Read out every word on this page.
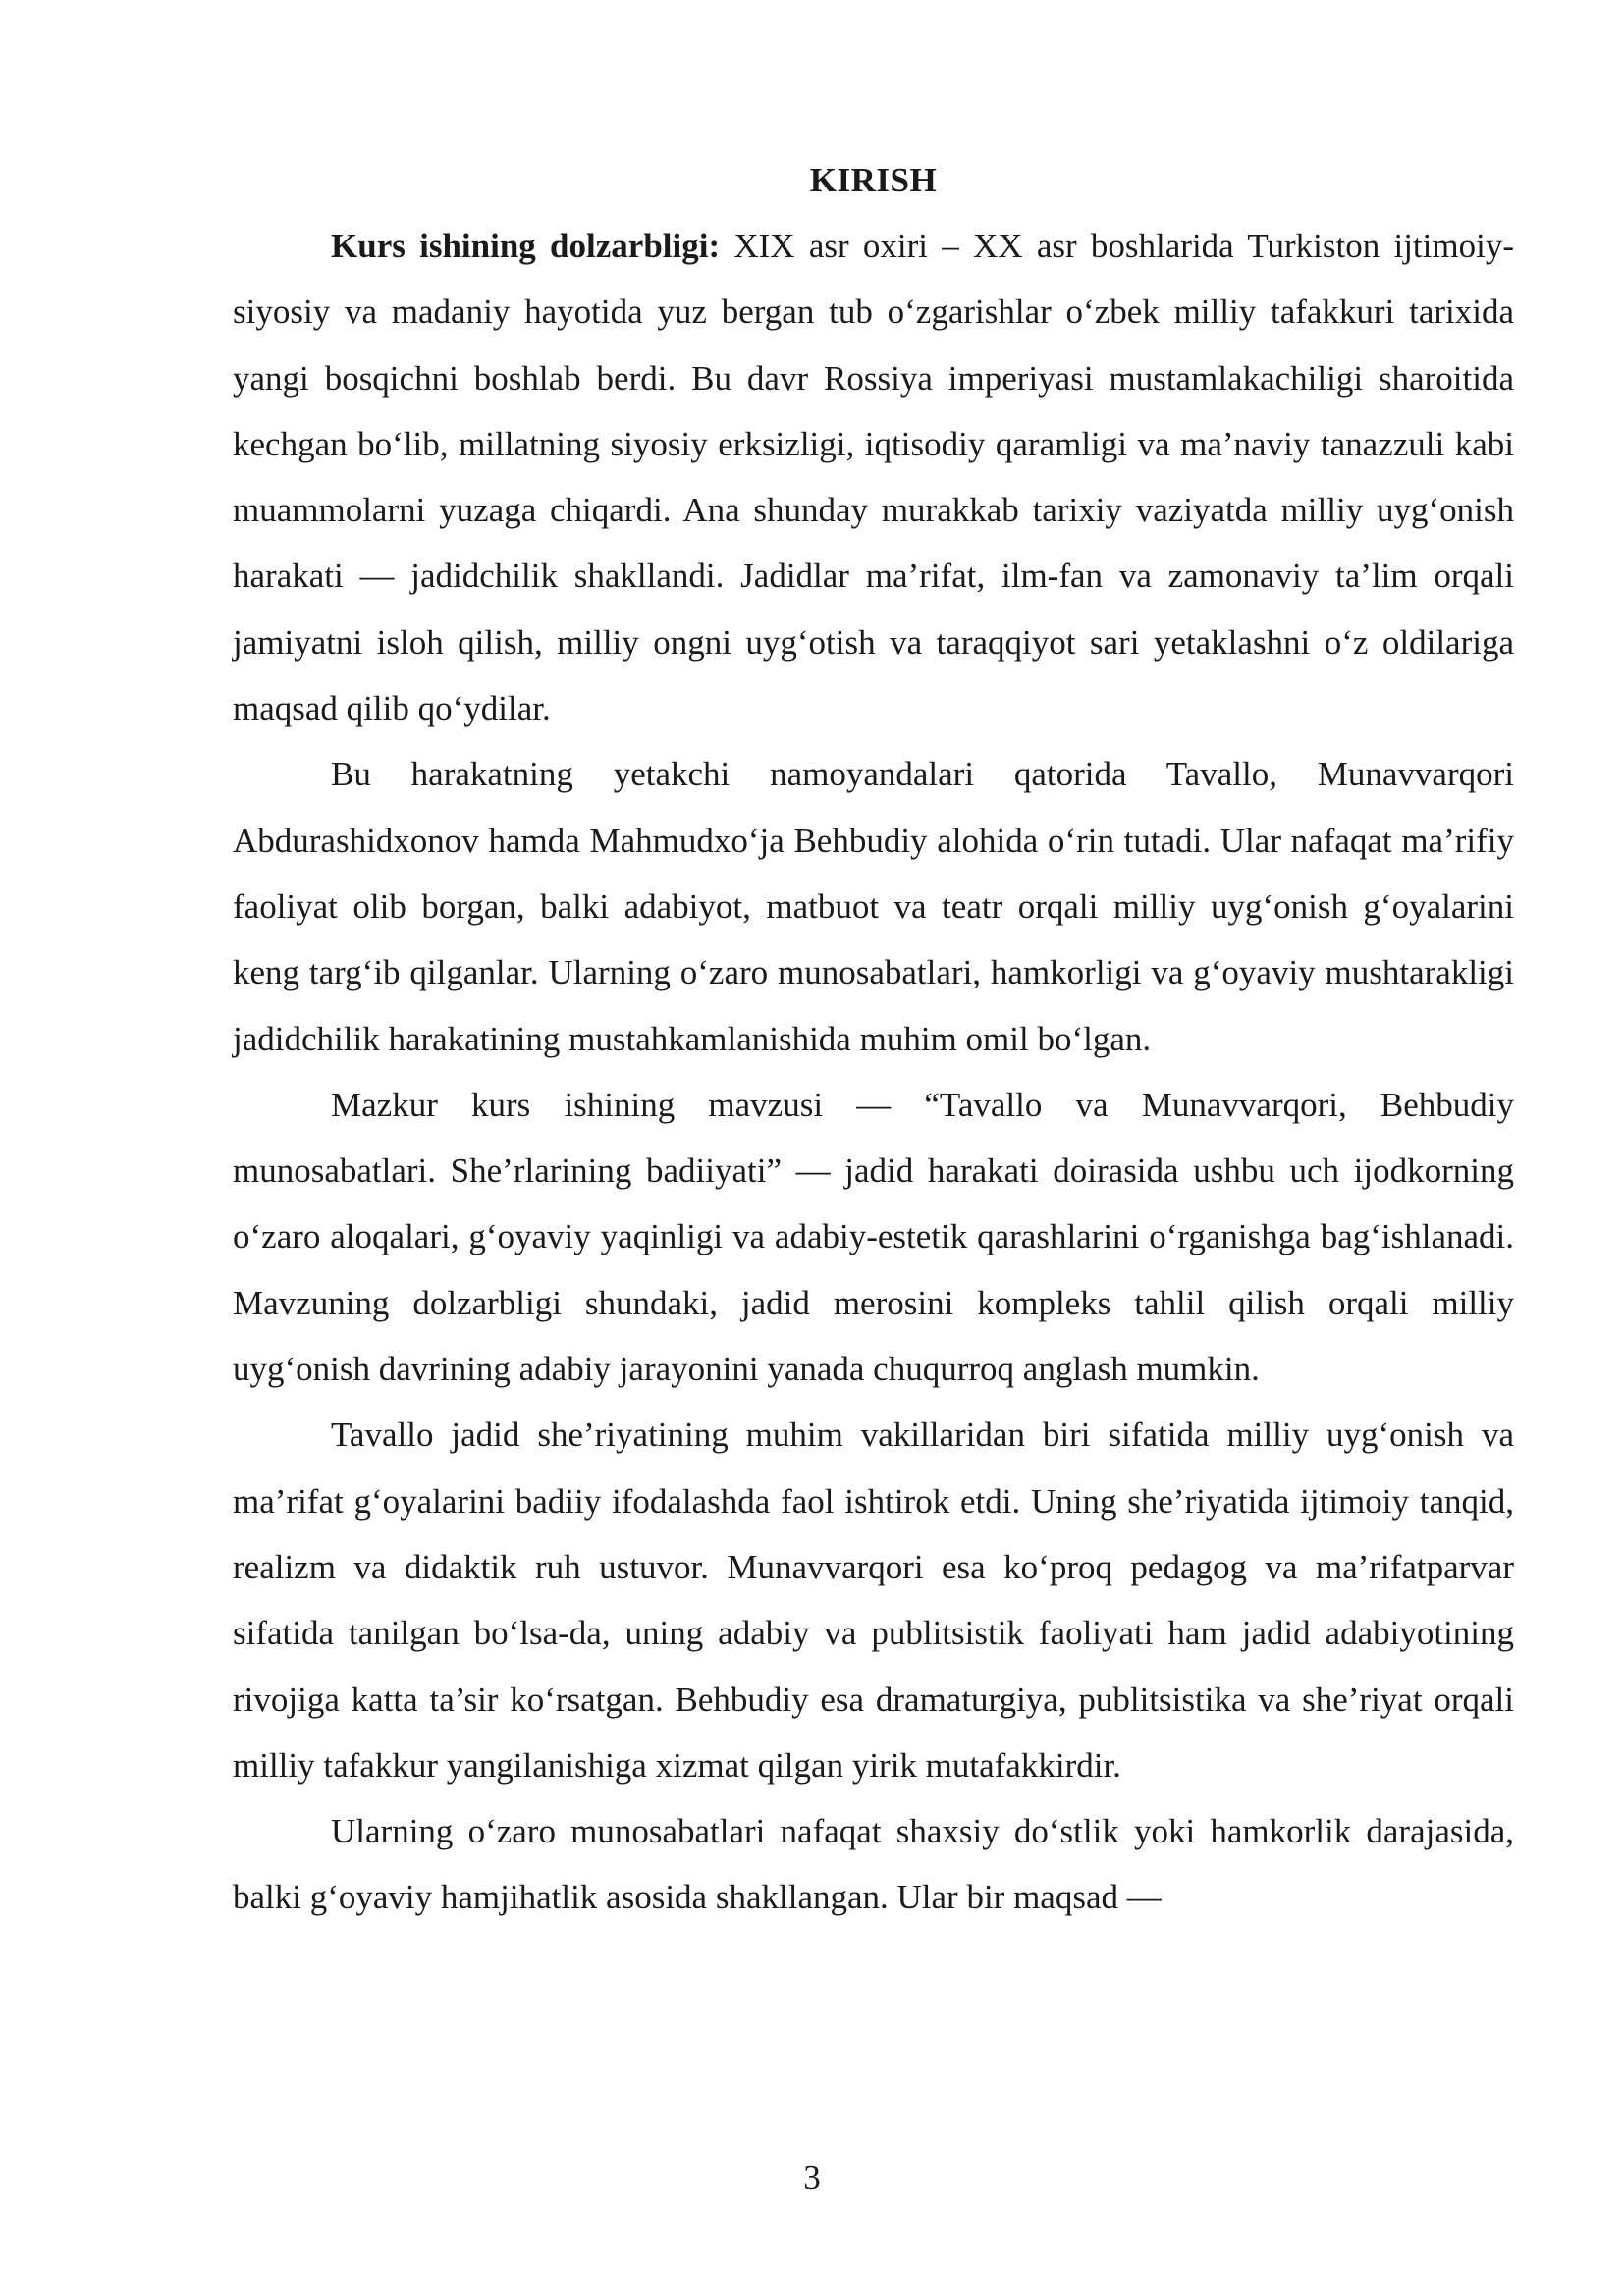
KIRISH

Kurs ishining dolzarbligi: XIX asr oxiri – XX asr boshlarida Turkiston ijtimoiy-siyosiy va madaniy hayotida yuz bergan tub o‘zgarishlar o‘zbek milliy tafakkuri tarixida yangi bosqichni boshlab berdi. Bu davr Rossiya imperiyasi mustamlakachiligi sharoitida kechgan bo‘lib, millatning siyosiy erksizligi, iqtisodiy qaramligi va ma’naviy tanazzuli kabi muammolarni yuzaga chiqardi. Ana shunday murakkab tarixiy vaziyatda milliy uyg‘onish harakati — jadidchilik shakllandi. Jadidlar ma’rifat, ilm-fan va zamonaviy ta’lim orqali jamiyatni isloh qilish, milliy ongni uyg‘otish va taraqqiyot sari yetaklashni o‘z oldilariga maqsad qilib qo‘ydilar.

Bu harakatning yetakchi namoyandalari qatorida Tavallo, Munavvarqori Abdurashidxonov hamda Mahmudxo‘ja Behbudiy alohida o‘rin tutadi. Ular nafaqat ma’rifiy faoliyat olib borgan, balki adabiyot, matbuot va teatr orqali milliy uyg‘onish g‘oyalarini keng targ‘ib qilganlar. Ularning o‘zaro munosabatlari, hamkorligi va g‘oyaviy mushtarakligi jadidchilik harakatining mustahkamlanishida muhim omil bo‘lgan.

Mazkur kurs ishining mavzusi — “Tavallo va Munavvarqori, Behbudiy munosabatlari. She’rlarining badiiyati” — jadid harakati doirasida ushbu uch ijodkorning o‘zaro aloqalari, g‘oyaviy yaqinligi va adabiy-estetik qarashlarini o‘rganishga bag‘ishlanadi. Mavzuning dolzarbligi shundaki, jadid merosini kompleks tahlil qilish orqali milliy uyg‘onish davrining adabiy jarayonini yanada chuqurroq anglash mumkin.

Tavallo jadid she’riyatining muhim vakillaridan biri sifatida milliy uyg‘onish va ma’rifat g‘oyalarini badiiy ifodalashda faol ishtirok etdi. Uning she’riyatida ijtimoiy tanqid, realizm va didaktik ruh ustuvor. Munavvarqori esa ko‘proq pedagog va ma’rifatparvar sifatida tanilgan bo‘lsa-da, uning adabiy va publitsistik faoliyati ham jadid adabiyotining rivojiga katta ta’sir ko‘rsatgan. Behbudiy esa dramaturgiya, publitsistika va she’riyat orqali milliy tafakkur yangilanishiga xizmat qilgan yirik mutafakkirdir.

Ularning o‘zaro munosabatlari nafaqat shaxsiy do‘stlik yoki hamkorlik darajasida, balki g‘oyaviy hamjihatlik asosida shakllangan. Ular bir maqsad —

3
